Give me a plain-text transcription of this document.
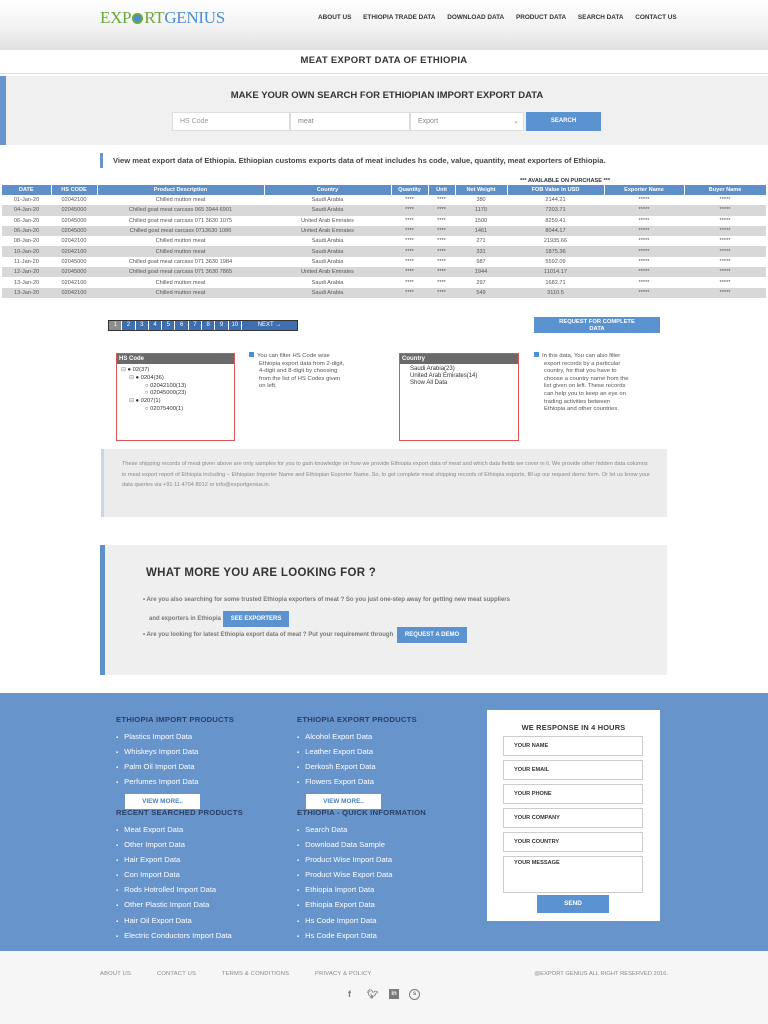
EXP RTGENIUS	ABOUT US ETHIOPIA TRADE DATA DOWNLOAD DATA PRODUCT DATA SEARCH DATA CONTACT US
MEAT EXPORT DATA OF ETHIOPIA
MAKE YOUR OWN SEARCH FOR ETHIOPIAN IMPORT EXPORT DATA
HS Code	meat	Export	⌄	SEARCH
View meat export data of Ethiopia. Ethiopian customs exports data of meat includes hs code, value, quantity, meat exporters of Ethiopia.
*** AVAILABLE ON PURCHASE ***
DATE	HS CODE	Product Description	Country	Quantity	Unit	Net Weight	FOB Value In USD	Exporter Name	Buyer Name
01-Jan-20	02042100	Chilled mutton meat	Saudi Arabia	****	****	380	2144.21	*****	*****
04-Jan-20	02045000	Chilled goat meat carcass 065 3944 6901	Saudi Arabia	****	****	1170	7203.71	*****	*****
06-Jan-20	02045000	Chilled goat meat carcass 071 3630 1075	United Arab Emirates	****	****	1500	8259.41	*****	*****
06-Jan-20	02045000	Chilled goat meat carcass 0713630 1086	United Arab Emirates	****	****	1461	8044.17	*****	*****
08-Jan-20	02042100	Chilled mutton meat	Saudi Arabia	****	****	271	21935.66	*****	*****
10-Jan-20	02042100	Chilled mutton meat	Saudi Arabia	****	****	331	1875.36	*****	*****
11-Jan-20	02045000	Chilled goat meat carcass 071 3630 1984	Saudi Arabia	****	****	987	5592.09	*****	*****
12-Jan-20	02045000	Chilled goat meat carcass 071 3630 7865	United Arab Emirates	****	****	1944	11014.17	*****	*****
13-Jan-20	02042100	Chilled mutton meat	Saudi Arabia	****	****	297	1682.71	*****	*****
13-Jan-20	02042100	Chilled mutton meat	Saudi Arabia	****	****	549	3110.5	*****	*****
1	2	3	4	5	6	7	8	9	10	NEXT →
REQUEST FOR COMPLETE
DATA
HS Code
⊟ ● 02(37)
⊟ ● 0204(36)
○ 02042100(13)
○ 02045000(23)
⊟ ● 0207(1)
○ 02075400(1)
You can filter HS Code wise
Ethiopia export data from 2-digit,
4-digit and 8-digit by choosing
from the list of HS Codes given
on left.
Country
Saudi Arabia(23)
United Arab Emirates(14)
Show All Data
In this data, You can also filter
export records by a particular
country, for that you have to
choose a country name from the
list given on left. These records
can help you to keep an eye on
trading activities between
Ethiopia and other countries.
These shipping records of meat given above are only samples for you to gain knowledge on how we provide Ethiopia export data of meat and which data fields we cover in it. We provide other hidden data columns in meat export report of Ethiopia including – Ethiopian Importer Name and Ethiopian Exporter Name. So, to get complete meat shipping records of Ethiopia exports, fill up our request demo form. Or let us know your data queries via +91 11 4704 8012 or info@exportgenius.in.
WHAT MORE YOU ARE LOOKING FOR ?
• Are you also searching for some trusted Ethiopia exporters of meat ? So you just one-step away for getting new meat suppliers
and exporters in Ethiopia SEE EXPORTERS
• Are you looking for latest Ethiopia export data of meat ? Put your requirement through REQUEST A DEMO
ETHIOPIA IMPORT PRODUCTS
▪ Plastics Import Data
▪ Whiskeys Import Data
▪ Palm Oil Import Data
▪ Perfumes Import Data
VIEW MORE..
ETHIOPIA EXPORT PRODUCTS
▪ Alcohol Export Data
▪ Leather Export Data
▪ Derkosh Export Data
▪ Flowers Export Data
VIEW MORE..
RECENT SEARCHED PRODUCTS
▪ Meat Export Data
▪ Other Import Data
▪ Hair Export Data
▪ Con Import Data
▪ Rods Hotrolled Import Data
▪ Other Plastic Import Data
▪ Hair Oil Export Data
▪ Electric Conductors Import Data
ETHIOPIA - QUICK INFORMATION
▪ Search Data
▪ Download Data Sample
▪ Product Wise Import Data
▪ Product Wise Export Data
▪ Ethiopia Import Data
▪ Ethiopia Export Data
▪ Hs Code Import Data
▪ Hs Code Export Data
WE RESPONSE IN 4 HOURS
YOUR NAME
YOUR EMAIL
YOUR PHONE
YOUR COMPANY
YOUR COUNTRY
YOUR MESSAGE
SEND
ABOUT US	CONTACT US	TERMS & CONDITIONS	PRIVACY & POLICY	@EXPORT GENIUS ALL RIGHT RESERVED 2016.
f	🐦︎	in	s
